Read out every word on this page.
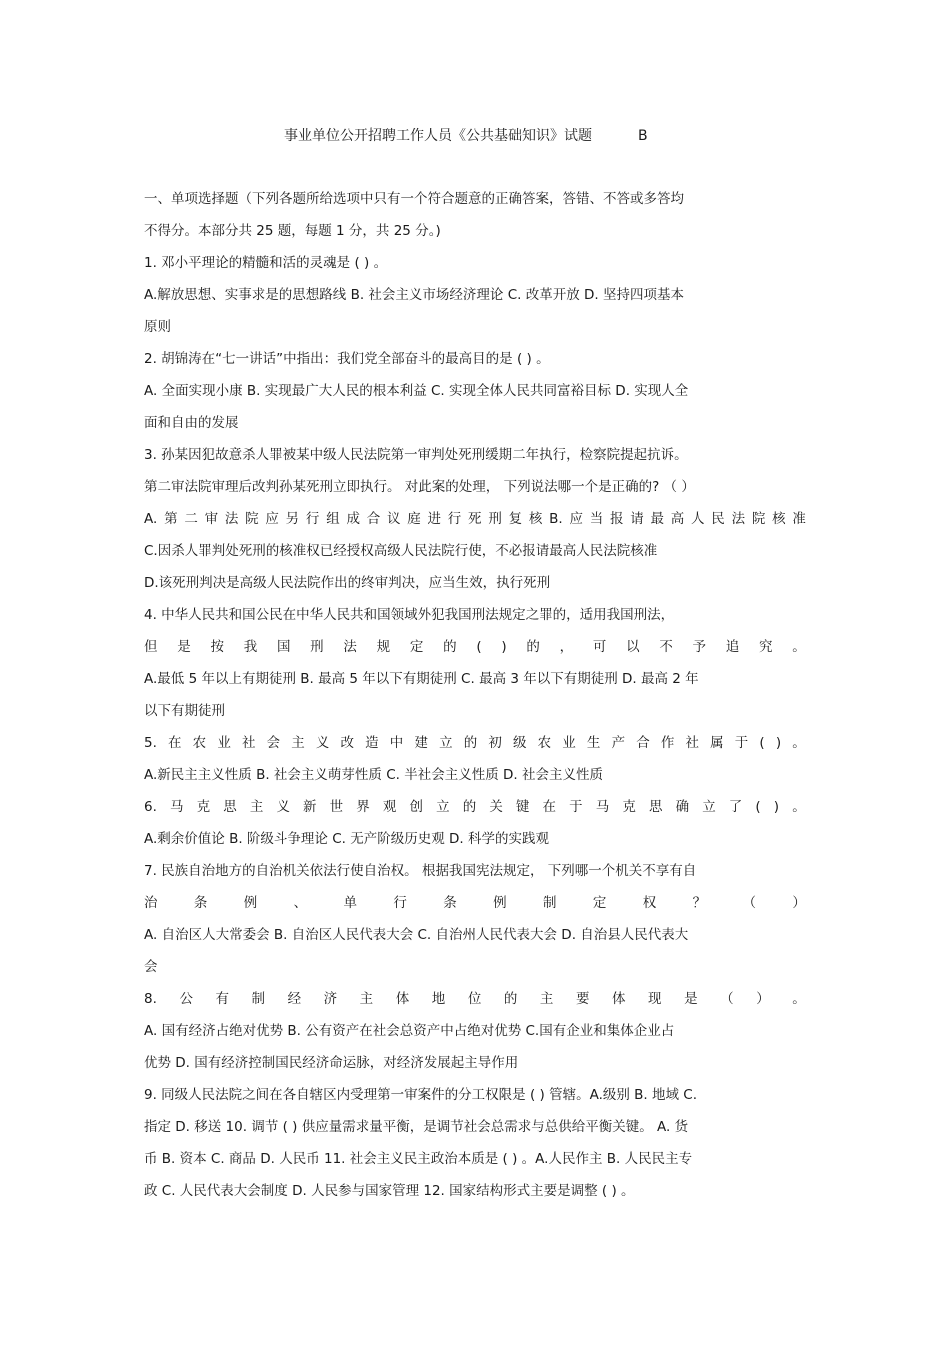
事业单位公开招聘工作人员《公共基础知识》试题	B

一、单项选择题（下列各题所给选项中只有一个符合题意的正确答案，答错、不答或多答均

不得分。本部分共 25 题，每题 1 分，共 25 分。)

1. 邓小平理论的精髓和活的灵魂是 ( ) 。

A.解放思想、实事求是的思想路线 B. 社会主义市场经济理论 C. 改革开放 D. 坚持四项基本

原则

2. 胡锦涛在“七一讲话”中指出：我们党全部奋斗的最高目的是 ( ) 。

A. 全面实现小康 B. 实现最广大人民的根本利益 C. 实现全体人民共同富裕目标 D. 实现人全

面和自由的发展

3. 孙某因犯故意杀人罪被某中级人民法院第一审判处死刑缓期二年执行，检察院提起抗诉。

第二审法院审理后改判孙某死刑立即执行。 对此案的处理， 下列说法哪一个是正确的? （ ）

A. 第 二 审 法 院 应 另 行 组 成 合 议 庭 进 行 死 刑 复 核 B. 应 当 报 请 最 高 人 民 法 院 核 准

C.因杀人罪判处死刑的核准权已经授权高级人民法院行使，不必报请最高人民法院核准

D.该死刑判决是高级人民法院作出的终审判决，应当生效，执行死刑

4. 中华人民共和国公民在中华人民共和国领域外犯我国刑法规定之罪的，适用我国刑法，

但 是 按 我 国 刑 法 规 定 的 ( ) 的 ， 可 以 不 予 追 究 。

A.最低 5 年以上有期徒刑 B. 最高 5 年以下有期徒刑 C. 最高 3 年以下有期徒刑 D. 最高 2 年

以下有期徒刑

5. 在 农 业 社 会 主 义 改 造 中 建 立 的 初 级 农 业 生 产 合 作 社 属 于 ( ) 。

A.新民主主义性质 B. 社会主义萌芽性质 C. 半社会主义性质 D. 社会主义性质

6. 马 克 思 主 义 新 世 界 观 创 立 的 关 键 在 于 马 克 思 确 立 了 ( ) 。

A.剩余价值论 B. 阶级斗争理论 C. 无产阶级历史观 D. 科学的实践观

7. 民族自治地方的自治机关依法行使自治权。 根据我国宪法规定， 下列哪一个机关不享有自

治	条	例	、	单	行	条	例	制	定	权	？	（	）

A. 自治区人大常委会 B. 自治区人民代表大会 C. 自治州人民代表大会 D. 自治县人民代表大

会

8. 公 有 制 经 济 主 体 地 位 的 主 要 体 现 是 （ ） 。

A. 国有经济占绝对优势 B. 公有资产在社会总资产中占绝对优势 C.国有企业和集体企业占

优势 D. 国有经济控制国民经济命运脉，对经济发展起主导作用

9. 同级人民法院之间在各自辖区内受理第一审案件的分工权限是 ( ) 管辖。A.级别 B. 地域 C.

指定 D. 移送 10. 调节 ( ) 供应量需求量平衡，是调节社会总需求与总供给平衡关键。 A. 货

币 B. 资本 C. 商品 D. 人民币 11. 社会主义民主政治本质是 ( ) 。A.人民作主 B. 人民民主专

政 C. 人民代表大会制度 D. 人民参与国家管理 12. 国家结构形式主要是调整 ( ) 。
